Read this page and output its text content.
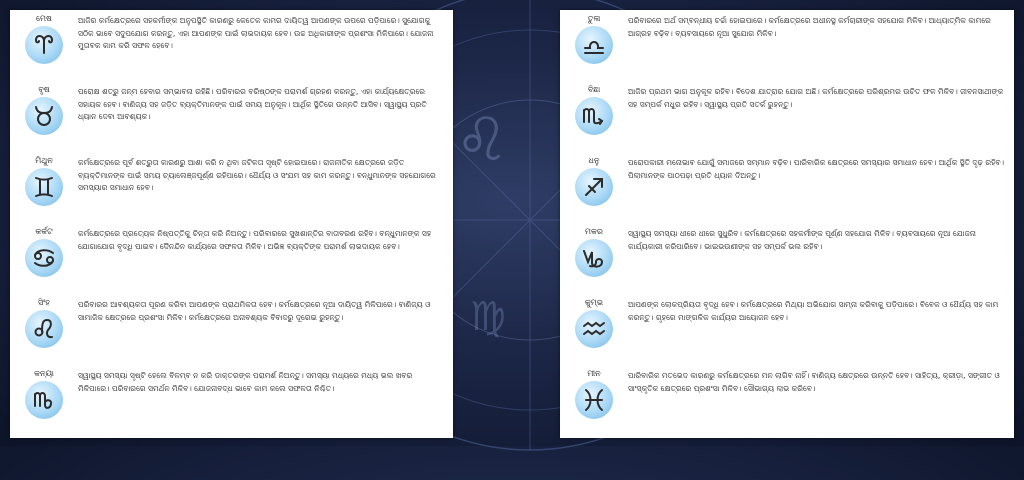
♌
♍
ମେଷ	ଆଜିର କର୍ମକ୍ଷେତ୍ରରେ ସହକର୍ମୀଙ୍କ ଅନୁପସ୍ଥିତି କାରଣରୁ କେତେକ କାମର ଦାୟିତ୍ୱ ଆପଣଙ୍କ ଉପରେ ପଡ଼ିପାରେ। ସୁଯୋଗକୁ ସଠିକ ଭାବେ ସଦୁପଯୋଗ କରନ୍ତୁ, ଏହା ଆପଣଙ୍କ ପାଇଁ ଲାଭଦାୟକ ହେବ। ଉଚ୍ଚ ଅଧିକାରୀଙ୍କ ପ୍ରଶଂସା ମିଳିପାରେ। ଯୋଜନା ମୁତାବକ କାମ କରି ସଫଳ ହେବେ।
ବୃଷ	ପରୋକ୍ଷ ଶତ୍ରୁ ଜନ୍ମ ହେବାର ସମ୍ଭାବନା ରହିଛି। ପରିବାରର ବରିଷ୍ଠଙ୍କ ପରାମର୍ଶ ଗ୍ରହଣ କରନ୍ତୁ, ଏହା କାର୍ଯ୍ୟକ୍ଷେତ୍ରରେ ସହାୟକ ହେବ। ବାଣିଜ୍ୟ ସହ ଜଡ଼ିତ ବ୍ୟକ୍ତିମାନଙ୍କ ପାଇଁ ସମୟ ଅନୁକୂଳ। ଆର୍ଥିକ ସ୍ଥିତିରେ ଉନ୍ନତି ଆସିବ। ସ୍ୱାସ୍ଥ୍ୟ ପ୍ରତି ଧ୍ୟାନ ଦେବା ଆବଶ୍ୟକ।
ମିଥୁନ	କର୍ମକ୍ଷେତ୍ରରେ ପୂର୍ବ ଶତ୍ରୁତା କାରଣରୁ ଆଶା କରି ନ ଥିବା ଜଟିଳତା ସୃଷ୍ଟି ହୋଇପାରେ। ରାଜନୀତିକ କ୍ଷେତ୍ରରେ ଜଡ଼ିତ ବ୍ୟକ୍ତିମାନଙ୍କ ପାଇଁ ସମୟ ଚ୍ୟାଲେଞ୍ଜପୂର୍ଣ୍ଣ ରହିପାରେ। ଧୈର୍ଯ୍ୟ ଓ ସଂଯମ ସହ କାମ କରନ୍ତୁ। ବନ୍ଧୁମାନଙ୍କ ସହଯୋଗରେ ସମସ୍ୟାର ସମାଧାନ ହେବ।
କର୍କଟ	କର୍ମକ୍ଷେତ୍ରରେ ପ୍ରତ୍ୟେକ ନିଷ୍ପତ୍ତିକୁ ଚିନ୍ତା କରି ନିଅନ୍ତୁ। ପରିବାରରେ ସୁଖଶାନ୍ତିର ବାତାବରଣ ରହିବ। ବନ୍ଧୁମାନଙ୍କ ସହ ଯୋଗାଯୋଗ ବୃଦ୍ଧି ପାଇବ। ଦୈନନ୍ଦିନ କାର୍ଯ୍ୟରେ ସଫଳତା ମିଳିବ। ଅଭିଜ୍ଞ ବ୍ୟକ୍ତିଙ୍କ ପରାମର୍ଶ ଲାଭଦାୟକ ହେବ।
ସିଂହ	ପରିବାରର ଆବଶ୍ୟକତା ପୂରଣ କରିବା ଆପଣଙ୍କ ପ୍ରାଥମିକତା ହେବ। କର୍ମକ୍ଷେତ୍ରରେ ନୂଆ ଦାୟିତ୍ୱ ମିଳିପାରେ। ବାଣିଜ୍ୟ ଓ ସାମାଜିକ କ୍ଷେତ୍ରରେ ପ୍ରଶଂସା ମିଳିବ। କର୍ମକ୍ଷେତ୍ରରେ ଅନାବଶ୍ୟକ ବିବାଦରୁ ଦୂରେଇ ରୁହନ୍ତୁ।
କନ୍ୟା	ସ୍ୱାସ୍ଥ୍ୟ ସମସ୍ୟା ସୃଷ୍ଟି ହେଲେ ବିଳମ୍ବ ନ କରି ଡାକ୍ତରଙ୍କ ପରାମର୍ଶ ନିଅନ୍ତୁ। ସମସ୍ୟା ମଧ୍ୟରେ ମଧ୍ୟ ଭଲ ଖବର ମିଳିପାରେ। ପରିବାରରେ ସମର୍ଥନ ମିଳିବ। ଯୋଜନାବଦ୍ଧ ଭାବେ କାମ କଲେ ସଫଳତା ନିଶ୍ଚିତ।
ତୁଳା	ପରିବାରରେ ଅର୍ଥ ସମ୍ବନ୍ଧୀୟ ଚର୍ଚ୍ଚା ହୋଇପାରେ। କର୍ମକ୍ଷେତ୍ରରେ ଅଧୀନସ୍ଥ କର୍ମଚାରୀଙ୍କ ସହଯୋଗ ମିଳିବ। ଆଧ୍ୟାତ୍ମିକ କାମରେ ଆଗ୍ରହ ବଢ଼ିବ। ବ୍ୟବସାୟରେ ନୂଆ ସୁଯୋଗ ମିଳିବ।
ବିଛା	ଆଜିର ପ୍ରଥମ ଭାଗ ଅନୁକୂଳ ରହିବ। ବିଦେଶ ଯାତ୍ରାର ଯୋଗ ଅଛି। କର୍ମକ୍ଷେତ୍ରରେ ପରିଶ୍ରମର ଉଚିତ ଫଳ ମିଳିବ। ଜୀବନସାଥୀଙ୍କ ସହ ସମ୍ପର୍କ ମଧୁର ରହିବ। ସ୍ୱାସ୍ଥ୍ୟ ପ୍ରତି ସତର୍କ ରୁହନ୍ତୁ।
ଧନୁ	ପରୋପକାରୀ ମନୋଭାବ ଯୋଗୁଁ ସମାଜରେ ସମ୍ମାନ ବଢ଼ିବ। ପାରିବାରିକ କ୍ଷେତ୍ରରେ ସମସ୍ୟାର ସମାଧାନ ହେବ। ଆର୍ଥିକ ସ୍ଥିତି ଦୃଢ଼ ରହିବ। ପିଲାମାନଙ୍କ ପାଠପଢ଼ା ପ୍ରତି ଧ୍ୟାନ ଦିଅନ୍ତୁ।
ମକର	ସ୍ୱାସ୍ଥ୍ୟ ସମସ୍ୟା ଧୀରେ ଧୀରେ ସୁଧୁରିବ। କର୍ମକ୍ଷେତ୍ରରେ ସହକର୍ମୀଙ୍କ ପୂର୍ଣ୍ଣ ସହଯୋଗ ମିଳିବ। ବ୍ୟବସାୟରେ ନୂଆ ଯୋଜନା କାର୍ଯ୍ୟକାରୀ କରିପାରିବେ। ଭାଇଭଉଣୀଙ୍କ ସହ ସମ୍ପର୍କ ଭଲ ରହିବ।
କୁମ୍ଭ	ଆପଣଙ୍କ ଲୋକପ୍ରିୟତା ବୃଦ୍ଧି ହେବ। କର୍ମକ୍ଷେତ୍ରରେ ମିଥ୍ୟା ଅଭିଯୋଗ ସାମ୍ନା କରିବାକୁ ପଡ଼ିପାରେ। ବିବେକ ଓ ଧୈର୍ଯ୍ୟ ସହ କାମ କରନ୍ତୁ। ଗୃହରେ ମାଙ୍ଗଳିକ କାର୍ଯ୍ୟର ଆୟୋଜନ ହେବ।
ମୀନ	ପାରିବାରିକ ମତଭେଦ କାରଣରୁ କର୍ମକ୍ଷେତ୍ରରେ ମନ ଲାଗିବ ନାହିଁ। ବାଣିଜ୍ୟ କ୍ଷେତ୍ରରେ ଉନ୍ନତି ହେବ। ସାହିତ୍ୟ, କ୍ରୀଡ଼ା, ସଙ୍ଗୀତ ଓ ସାଂସ୍କୃତିକ କ୍ଷେତ୍ରରେ ପ୍ରଶଂସା ମିଳିବ। ସୌଭାଗ୍ୟ ଲାଭ କରିବେ।
